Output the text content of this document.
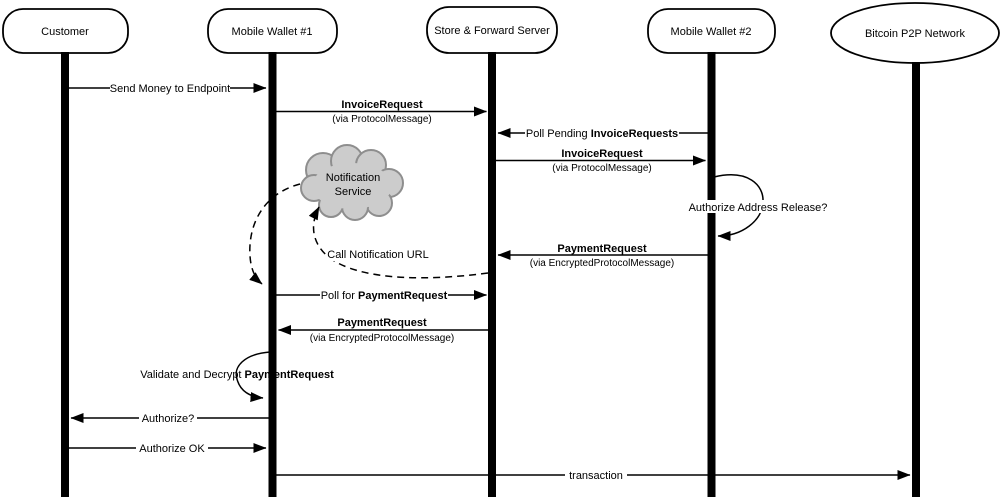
Customer	Mobile Wallet #1	Store & Forward Server	Mobile Wallet #2	Bitcoin P2P Network
Notification
Service
Send Money to Endpoint
InvoiceRequest
(via ProtocolMessage)
Poll Pending InvoiceRequests
InvoiceRequest
(via ProtocolMessage)
Authorize Address Release?
PaymentRequest
(via EncryptedProtocolMessage)
Call Notification URL
Poll for PaymentRequest
PaymentRequest
(via EncryptedProtocolMessage)
Validate and Decrypt PaymentRequest
Authorize?
Authorize OK
transaction
